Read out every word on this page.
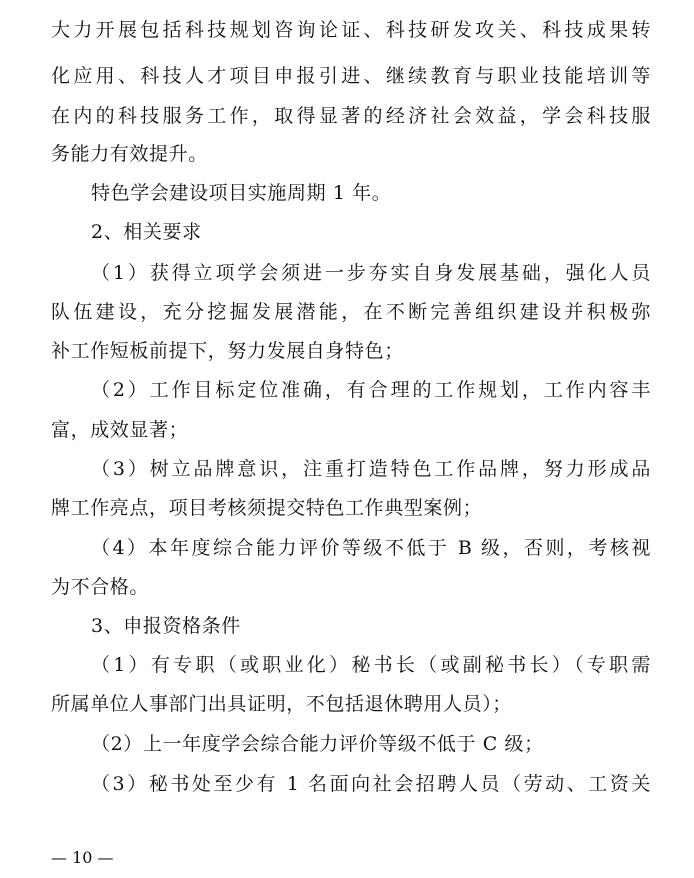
大力开展包括科技规划咨询论证、科技研发攻关、科技成果转
化应用、科技人才项目申报引进、继续教育与职业技能培训等
在内的科技服务工作，取得显著的经济社会效益，学会科技服
务能力有效提升。
特色学会建设项目实施周期 1 年。
2、相关要求
（1）获得立项学会须进一步夯实自身发展基础，强化人员
队伍建设，充分挖掘发展潜能，在不断完善组织建设并积极弥
补工作短板前提下，努力发展自身特色；
（2）工作目标定位准确，有合理的工作规划，工作内容丰
富，成效显著；
（3）树立品牌意识，注重打造特色工作品牌，努力形成品
牌工作亮点，项目考核须提交特色工作典型案例；
（4）本年度综合能力评价等级不低于 B 级，否则，考核视
为不合格。
3、申报资格条件
（1）有专职（或职业化）秘书长（或副秘书长）（专职需
所属单位人事部门出具证明，不包括退休聘用人员）；
（2）上一年度学会综合能力评价等级不低于 C 级；
（3）秘书处至少有 1 名面向社会招聘人员（劳动、工资关
— 10 —
